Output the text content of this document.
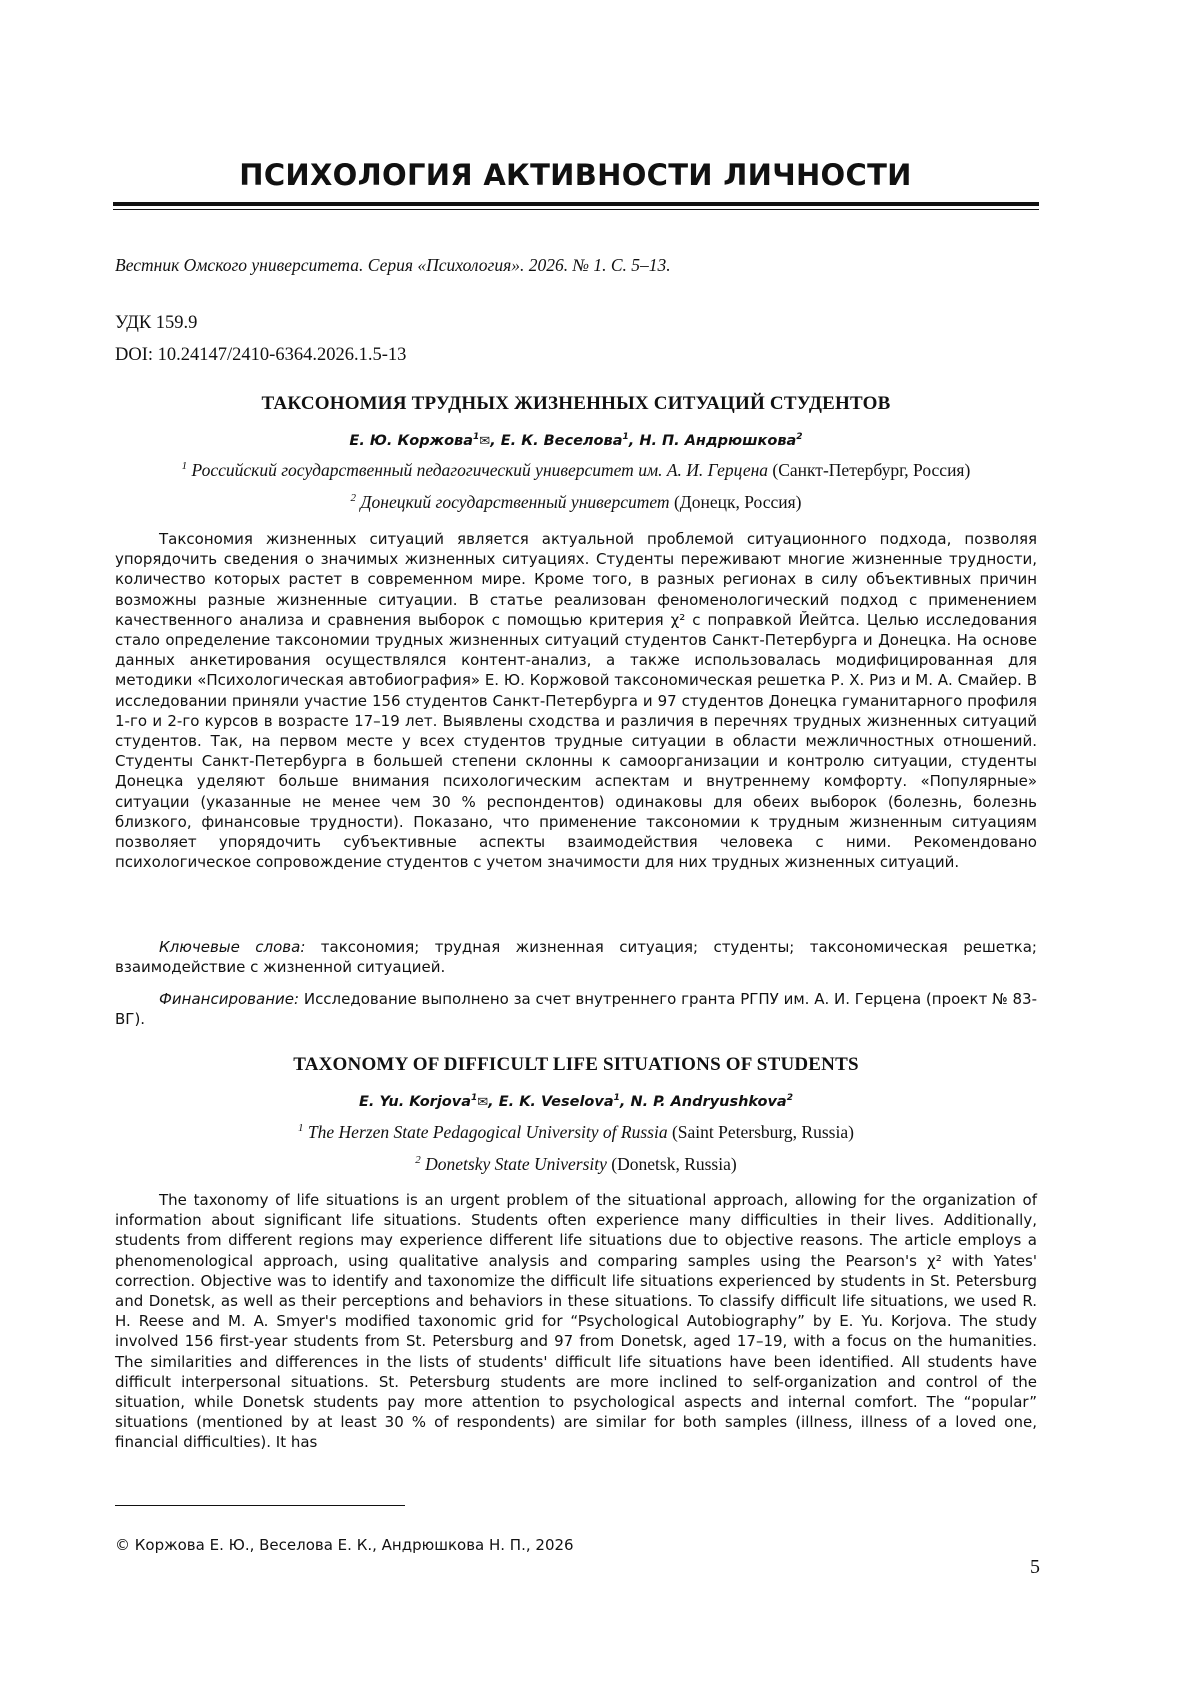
ПСИХОЛОГИЯ АКТИВНОСТИ ЛИЧНОСТИ
Вестник Омского университета. Серия «Психология». 2026. № 1. С. 5–13.
УДК 159.9
DOI: 10.24147/2410-6364.2026.1.5-13
ТАКСОНОМИЯ ТРУДНЫХ ЖИЗНЕННЫХ СИТУАЦИЙ СТУДЕНТОВ
Е. Ю. Коржова$^1$✉, Е. К. Веселова$^1$, Н. П. Андрюшкова$^2$
$^1$ Российский государственный педагогический университет им. А. И. Герцена (Санкт-Петербург, Россия)
$^2$ Донецкий государственный университет (Донецк, Россия)

Таксономия жизненных ситуаций является актуальной проблемой ситуационного подхода, позволяя упорядочить сведения о значимых жизненных ситуациях. Студенты переживают многие жизненные трудности, количество которых растет в современном мире. Кроме того, в разных регионах в силу объективных причин возможны разные жизненные ситуации. В статье реализован феноменологический подход с применением качественного анализа и сравнения выборок с помощью критерия χ² с поправкой Йейтса. Целью исследования стало определение таксономии трудных жизненных ситуаций студентов Санкт-Петербурга и Донецка. На основе данных анкетирования осуществлялся контент-анализ, а также использовалась модифицированная для методики «Психологическая автобиография» Е. Ю. Коржовой таксономическая решетка Р. Х. Риз и М. А. Смайер. В исследовании приняли участие 156 студентов Санкт-Петербурга и 97 студентов Донецка гуманитарного профиля 1-го и 2-го курсов в возрасте 17–19 лет. Выявлены сходства и различия в перечнях трудных жизненных ситуаций студентов. Так, на первом месте у всех студентов трудные ситуации в области межличностных отношений. Студенты Санкт-Петербурга в большей степени склонны к самоорганизации и контролю ситуации, студенты Донецка уделяют больше внимания психологическим аспектам и внутреннему комфорту. «Популярные» ситуации (указанные не менее чем 30 % респондентов) одинаковы для обеих выборок (болезнь, болезнь близкого, финансовые трудности). Показано, что применение таксономии к трудным жизненным ситуациям позволяет упорядочить субъективные аспекты взаимодействия человека с ними. Рекомендовано психологическое сопровождение студентов с учетом значимости для них трудных жизненных ситуаций.

Ключевые слова: таксономия; трудная жизненная ситуация; студенты; таксономическая решетка; взаимодействие с жизненной ситуацией.

Финансирование: Исследование выполнено за счет внутреннего гранта РГПУ им. А. И. Герцена (проект № 83-ВГ).

TAXONOMY OF DIFFICULT LIFE SITUATIONS OF STUDENTS
E. Yu. Korjova$^1$✉, E. K. Veselova$^1$, N. P. Andryushkova$^2$
$^1$ The Herzen State Pedagogical University of Russia (Saint Petersburg, Russia)
$^2$ Donetsky State University (Donetsk, Russia)

The taxonomy of life situations is an urgent problem of the situational approach, allowing for the organization of information about significant life situations. Students often experience many difficulties in their lives. Additionally, students from different regions may experience different life situations due to objective reasons. The article employs a phenomenological approach, using qualitative analysis and comparing samples using the Pearson's χ² with Yates' correction. Objective was to identify and taxonomize the difficult life situations experienced by students in St. Petersburg and Donetsk, as well as their perceptions and behaviors in these situations. To classify difficult life situations, we used R. H. Reese and M. A. Smyer's modified taxonomic grid for “Psychological Autobiography” by E. Yu. Korjova. The study involved 156 first-year students from St. Petersburg and 97 from Donetsk, aged 17–19, with a focus on the humanities. The similarities and differences in the lists of students' difficult life situations have been identified. All students have difficult interpersonal situations. St. Petersburg students are more inclined to self-organization and control of the situation, while Donetsk students pay more attention to psychological aspects and internal comfort. The “popular” situations (mentioned by at least 30 % of respondents) are similar for both samples (illness, illness of a loved one, financial difficulties). It has

© Коржова Е. Ю., Веселова Е. К., Андрюшкова Н. П., 2026
5
